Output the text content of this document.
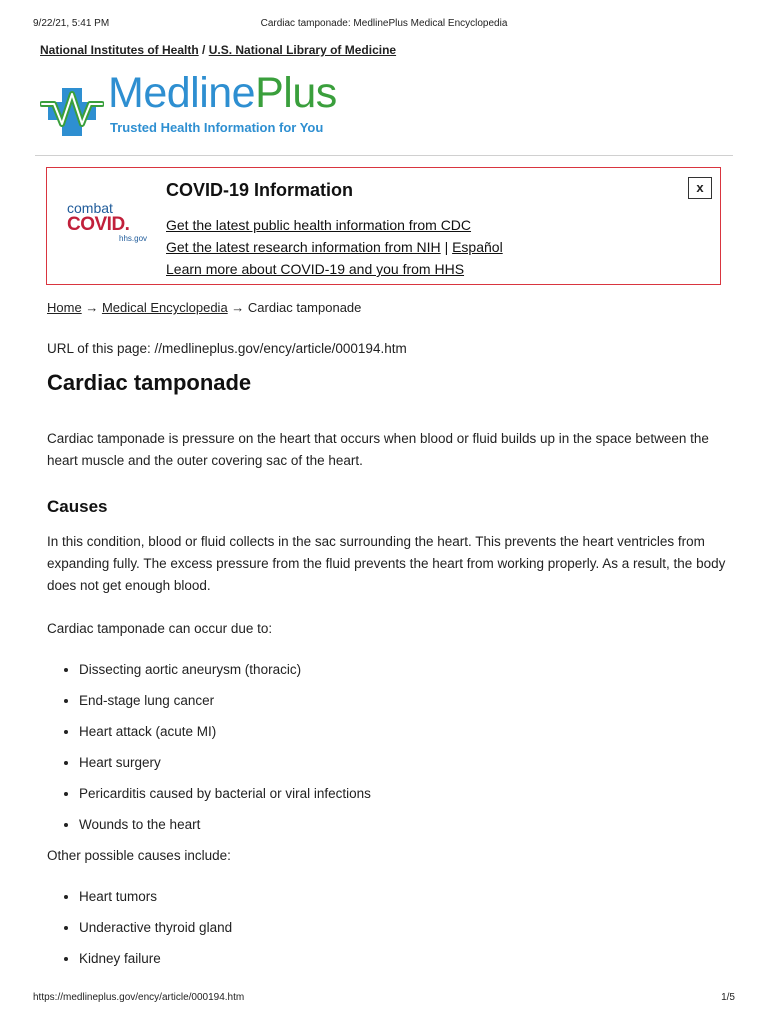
9/22/21, 5:41 PM	Cardiac tamponade: MedlinePlus Medical Encyclopedia
National Institutes of Health / U.S. National Library of Medicine
MedlinePlus
Trusted Health Information for You
combat
COVID.
hhs.gov
COVID-19 Information
Get the latest public health information from CDC
Get the latest research information from NIH | Español
Learn more about COVID-19 and you from HHS
x
Home → Medical Encyclopedia → Cardiac tamponade
URL of this page: //medlineplus.gov/ency/article/000194.htm
Cardiac tamponade

Cardiac tamponade is pressure on the heart that occurs when blood or fluid builds up in the space between the heart muscle and the outer covering sac of the heart.

Causes

In this condition, blood or fluid collects in the sac surrounding the heart. This prevents the heart ventricles from expanding fully. The excess pressure from the fluid prevents the heart from working properly. As a result, the body does not get enough blood.

Cardiac tamponade can occur due to:

• Dissecting aortic aneurysm (thoracic)
• End-stage lung cancer
• Heart attack (acute MI)
• Heart surgery
• Pericarditis caused by bacterial or viral infections
• Wounds to the heart

Other possible causes include:

• Heart tumors
• Underactive thyroid gland
• Kidney failure
https://medlineplus.gov/ency/article/000194.htm	1/5
